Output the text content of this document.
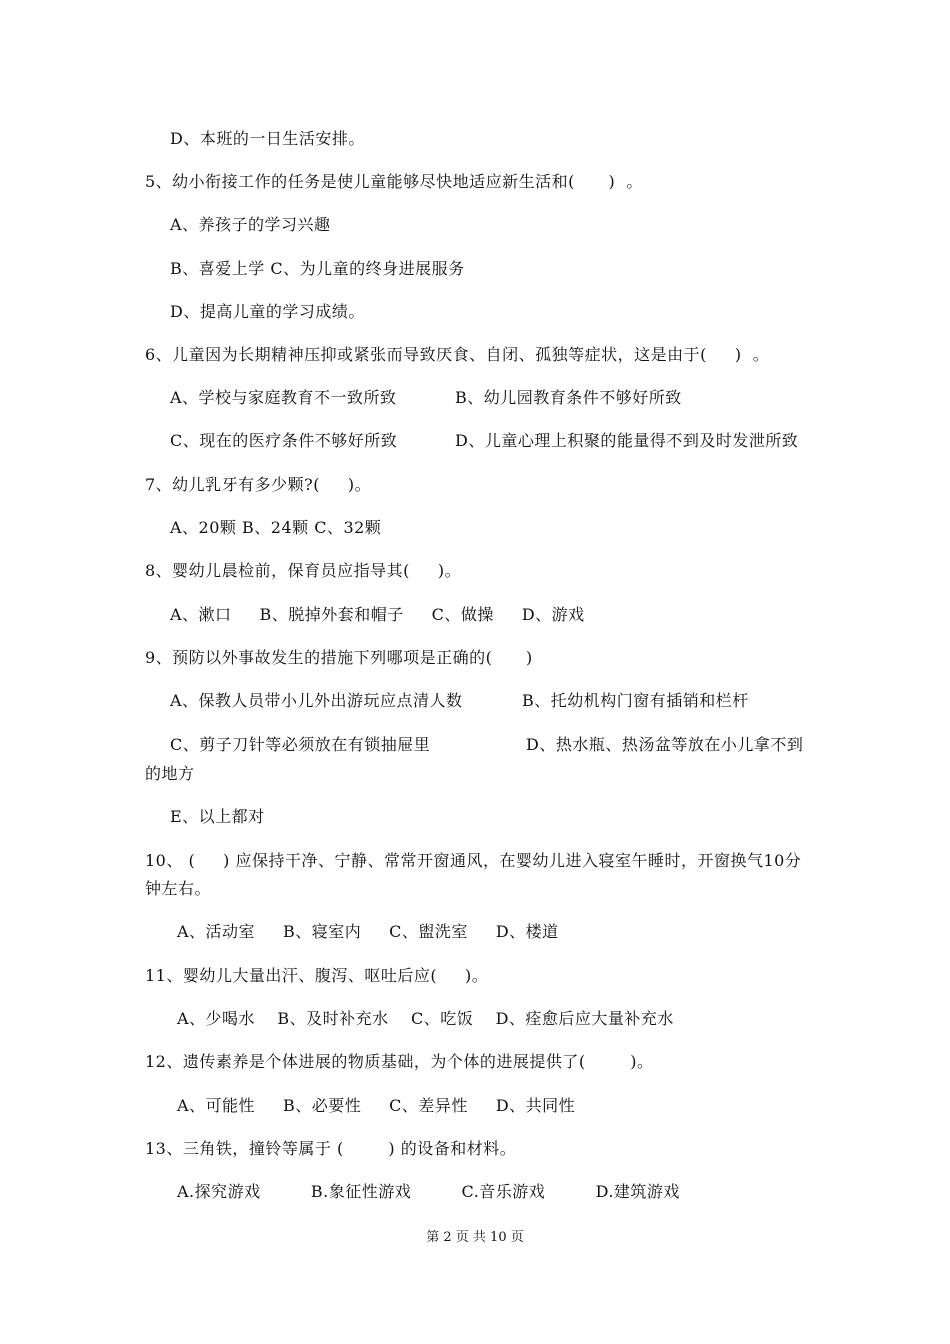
D、本班的一日生活安排。
5、幼小衔接工作的任务是使儿童能够尽快地适应新生活和(      )  。
A、养孩子的学习兴趣
B、喜爱上学 C、为儿童的终身进展服务
D、提高儿童的学习成绩。
6、儿童因为长期精神压抑或紧张而导致厌食、自闭、孤独等症状，这是由于(     )  。
A、学校与家庭教育不一致所致	B、幼儿园教育条件不够好所致
C、现在的医疗条件不够好所致	D、儿童心理上积聚的能量得不到及时发泄所致
7、幼儿乳牙有多少颗?(     )。
A、20颗 B、24颗 C、32颗
8、婴幼儿晨检前，保育员应指导其(     )。
A、漱口     B、脱掉外套和帽子     C、做操     D、游戏
9、预防以外事故发生的措施下列哪项是正确的(      )
A、保教人员带小儿外出游玩应点清人数	B、托幼机构门窗有插销和栏杆
C、剪子刀针等必须放在有锁抽屉里	D、热水瓶、热汤盆等放在小儿拿不到
的地方
E、以上都对
10、 (     ) 应保持干净、宁静、常常开窗通风，在婴幼儿进入寝室午睡时，开窗换气10分
钟左右。
A、活动室     B、寝室内     C、盥洗室     D、楼道
11、婴幼儿大量出汗、腹泻、呕吐后应(     )。
A、少喝水    B、及时补充水    C、吃饭    D、痊愈后应大量补充水
12、遗传素养是个体进展的物质基础，为个体的进展提供了(        )。
A、可能性     B、必要性     C、差异性     D、共同性
13、三角铁，撞铃等属于 (        ) 的设备和材料。
A.探究游戏         B.象征性游戏         C.音乐游戏         D.建筑游戏
第 2 页 共 10 页
